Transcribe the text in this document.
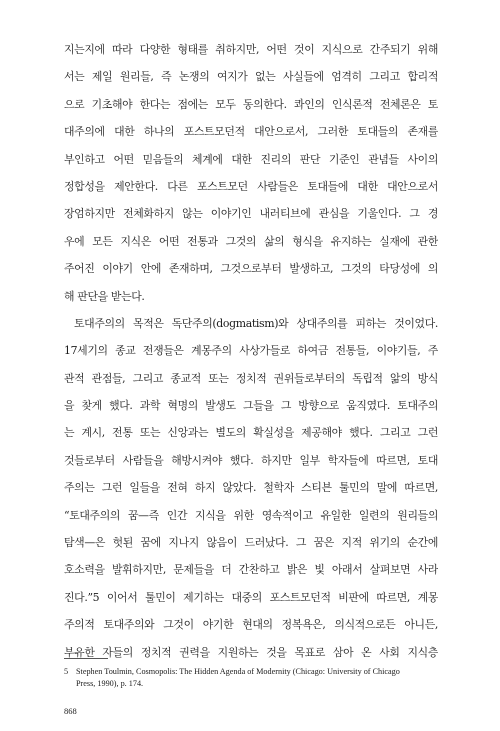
지는지에 따라 다양한 형태를 취하지만, 어떤 것이 지식으로 간주되기 위해
서는 제일 원리들, 즉 논쟁의 여지가 없는 사실들에 엄격히 그리고 합리적
으로 기초해야 한다는 점에는 모두 동의한다. 콰인의 인식론적 전체론은 토
대주의에 대한 하나의 포스트모던적 대안으로서, 그러한 토대들의 존재를
부인하고 어떤 믿음들의 체계에 대한 진리의 판단 기준인 관념들 사이의
정합성을 제안한다. 다른 포스트모던 사람들은 토대들에 대한 대안으로서
장엄하지만 전체화하지 않는 이야기인 내러티브에 관심을 기울인다. 그 경
우에 모든 지식은 어떤 전통과 그것의 삶의 형식을 유지하는 실재에 관한
주어진 이야기 안에 존재하며, 그것으로부터 발생하고, 그것의 타당성에 의
해 판단을 받는다.
토대주의의 목적은 독단주의(dogmatism)와 상대주의를 피하는 것이었다.
17세기의 종교 전쟁들은 계몽주의 사상가들로 하여금 전통들, 이야기들, 주
관적 관점들, 그리고 종교적 또는 정치적 권위들로부터의 독립적 앎의 방식
을 찾게 했다. 과학 혁명의 발생도 그들을 그 방향으로 움직였다. 토대주의
는 계시, 전통 또는 신앙과는 별도의 확실성을 제공해야 했다. 그리고 그런
것들로부터 사람들을 해방시켜야 했다. 하지만 일부 학자들에 따르면, 토대
주의는 그런 일들을 전혀 하지 않았다. 철학자 스티븐 툴민의 말에 따르면,
“토대주의의 꿈—즉 인간 지식을 위한 영속적이고 유일한 일련의 원리들의
탐색—은 헛된 꿈에 지나지 않음이 드러났다. 그 꿈은 지적 위기의 순간에
호소력을 발휘하지만, 문제들을 더 간찬하고 밝은 빛 아래서 살펴보면 사라
진다.”5 이어서 툴민이 제기하는 대중의 포스트모던적 비판에 따르면, 계몽
주의적 토대주의와 그것이 야기한 현대의 정복욕은, 의식적으로든 아니든,
부유한 자들의 정치적 권력을 지원하는 것을 목표로 삼아 온 사회 지식층
5 Stephen Toulmin, Cosmopolis: The Hidden Agenda of Modernity (Chicago: University of Chicago
Press, 1990), p. 174.
868
